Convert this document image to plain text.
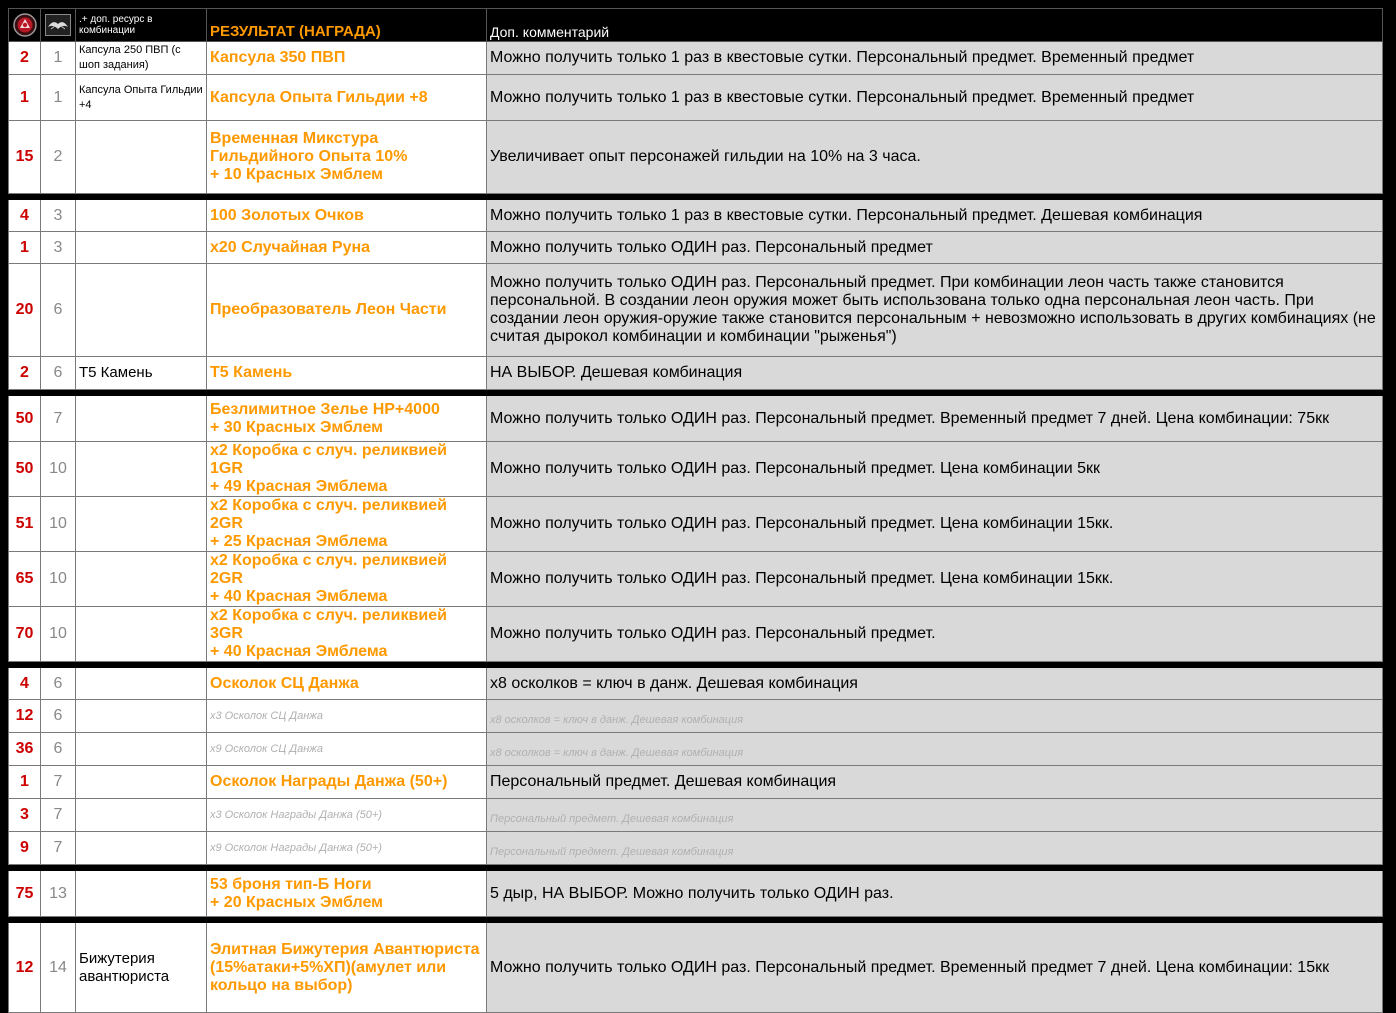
	.+ доп. ресурс в комбинации	РЕЗУЛЬТАТ (НАГРАДА)	Доп. комментарий
2	1	Капсула 250 ПВП (с шоп задания)	Капсула 350 ПВП	Можно получить только 1 раз в квестовые сутки. Персональный предмет. Временный предмет
1	1	Капсула Опыта Гильдии +4	Капсула Опыта Гильдии +8	Можно получить только 1 раз в квестовые сутки. Персональный предмет. Временный предмет
15	2		Временная Микстура Гильдийного Опыта 10%
+ 10 Красных Эмблем	Увеличивает опыт персонажей гильдии на 10% на 3 часа.

4	3		100 Золотых Очков	Можно получить только 1 раз в квестовые сутки. Персональный предмет. Дешевая комбинация
1	3		х20 Случайная Руна	Можно получить только ОДИН раз. Персональный предмет
20	6		Преобразователь Леон Части	Можно получить только ОДИН раз. Персональный предмет. При комбинации леон часть также становится персональной. В создании леон оружия может быть использована только одна персональная леон часть. При создании леон оружия-оружие также становится персональным + невозможно использовать в других комбинациях (не считая дырокол комбинации и комбинации "рыженья")
2	6	Т5 Камень	Т5 Камень	НА ВЫБОР. Дешевая комбинация

50	7		Безлимитное Зелье HP+4000
+ 30 Красных Эмблем	Можно получить только ОДИН раз. Персональный предмет. Временный предмет 7 дней. Цена комбинации: 75кк
50	10		x2 Коробка с случ. реликвией 1GR
+ 49 Красная Эмблема	Можно получить только ОДИН раз. Персональный предмет. Цена комбинации 5кк
51	10		x2 Коробка с случ. реликвией 2GR
+ 25 Красная Эмблема	Можно получить только ОДИН раз. Персональный предмет. Цена комбинации 15кк.
65	10		x2 Коробка с случ. реликвией 2GR
+ 40 Красная Эмблема	Можно получить только ОДИН раз. Персональный предмет. Цена комбинации 15кк.
70	10		x2 Коробка с случ. реликвией 3GR
+ 40 Красная Эмблема	Можно получить только ОДИН раз. Персональный предмет.

4	6		Осколок СЦ Данжа	х8 осколков = ключ в данж. Дешевая комбинация
12	6		х3 Осколок СЦ Данжа	х8 осколков = ключ в данж. Дешевая комбинация
36	6		х9 Осколок СЦ Данжа	х8 осколков = ключ в данж. Дешевая комбинация
1	7		Осколок Награды Данжа (50+)	Персональный предмет. Дешевая комбинация
3	7		х3 Осколок Награды Данжа (50+)	Персональный предмет. Дешевая комбинация
9	7		х9 Осколок Награды Данжа (50+)	Персональный предмет. Дешевая комбинация

75	13		53 броня тип-Б Ноги
+ 20 Красных Эмблем	5 дыр, НА ВЫБОР. Можно получить только ОДИН раз.

12	14	Бижутерия авантюриста	Элитная Бижутерия Авантюриста (15%атаки+5%ХП)(амулет или кольцо на выбор)	Можно получить только ОДИН раз. Персональный предмет. Временный предмет 7 дней. Цена комбинации: 15кк
